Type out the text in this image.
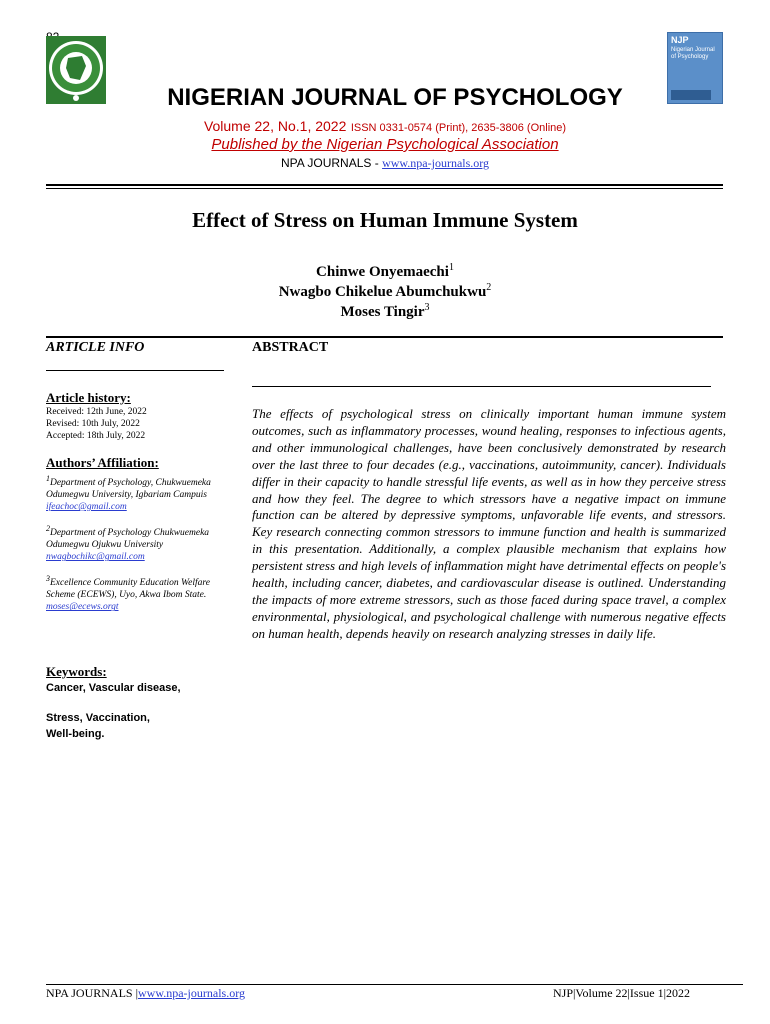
NJP
Nigerian Journal of Psychology
NIGERIAN JOURNAL OF PSYCHOLOGY
Volume 22, No.1, 2022 ISSN 0331-0574 (Print), 2635-3806 (Online)
Published by the Nigerian Psychological Association
NPA JOURNALS - www.npa-journals.org
Effect of Stress on Human Immune System
Chinwe Onyemaechi$^1$
Nwagbo Chikelue Abumchukwu$^2$
Moses Tingir$^3$
ARTICLE INFO	ABSTRACT
Article history:
Received: 12th June, 2022
Revised: 10th July, 2022
Accepted: 18th July, 2022
Authors’ Affiliation:
$^1$Department of Psychology, Chukwuemeka Odumegwu University, Igbariam Campuis
ifeachoc@gmail.com
$^2$Department of Psychology Chukwuemeka Odumegwu Ojukwu University
nwagbochikc@gmail.com
$^3$Excellence Community Education Welfare Scheme (ECEWS), Uyo, Akwa Ibom State.
moses@ecews.orgt
Keywords:
Cancer, Vascular disease,
Stress, Vaccination,
Well-being.
The effects of psychological stress on clinically important human immune system outcomes, such as inflammatory processes, wound healing, responses to infectious agents, and other immunological challenges, have been conclusively demonstrated by research over the last three to four decades (e.g., vaccinations, autoimmunity, cancer). Individuals differ in their capacity to handle stressful life events, as well as in how they perceive stress and how they feel. The degree to which stressors have a negative impact on immune function can be altered by depressive symptoms, unfavorable life events, and stressors. Key research connecting common stressors to immune function and health is summarized in this presentation. Additionally, a complex plausible mechanism that explains how persistent stress and high levels of inflammation might have detrimental effects on people's health, including cancer, diabetes, and cardiovascular disease is outlined. Understanding the impacts of more extreme stressors, such as those faced during space travel, a complex environmental, physiological, and psychological challenge with numerous negative effects on human health, depends heavily on research analyzing stresses in daily life.
NPA JOURNALS |www.npa-journals.org	NJP|Volume 22|Issue 1|2022
